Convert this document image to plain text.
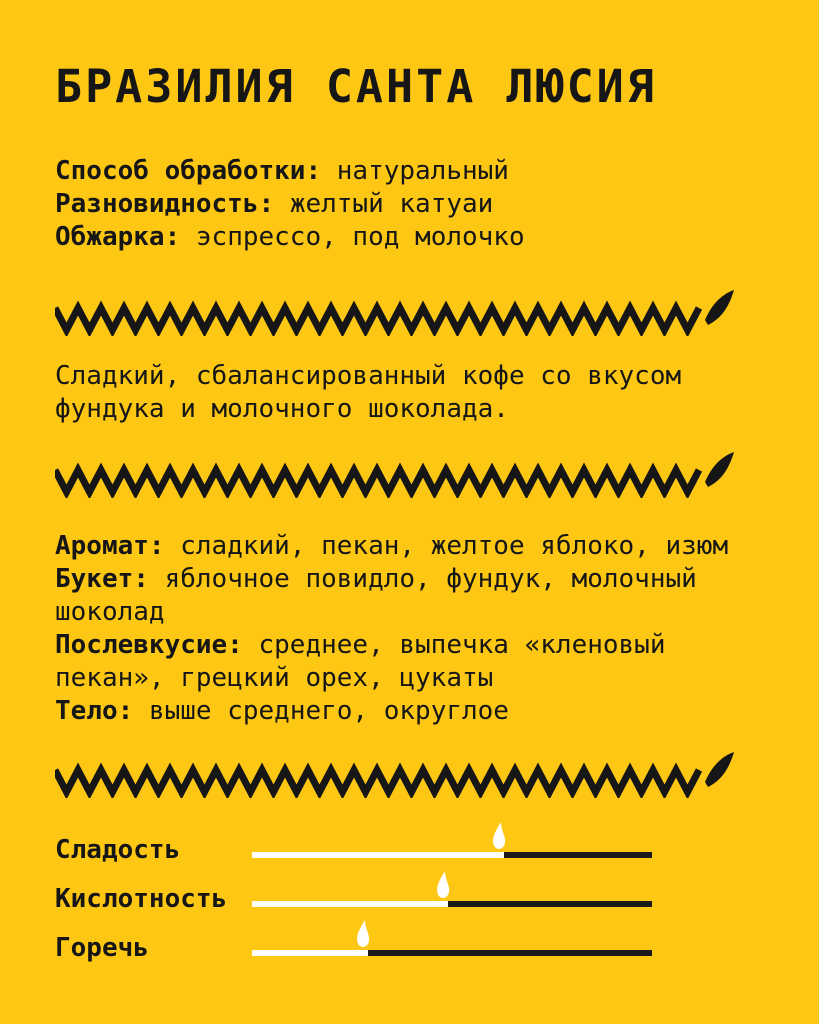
БРАЗИЛИЯ САНТА ЛЮСИЯ
Способ обработки: натуральный
Разновидность: желтый катуаи
Обжарка: эспрессо, под молочко

Сладкий, сбалансированный кофе со вкусом фундука и молочного шоколада.

Аромат: сладкий, пекан, желтое яблоко, изюм

Букет: яблочное повидло, фундук, молочный шоколад

Послевкусие: среднее, выпечка «кленовый пекан», грецкий орех, цукаты

Тело: выше среднего, округлое

Сладость
Кислотность
Горечь
